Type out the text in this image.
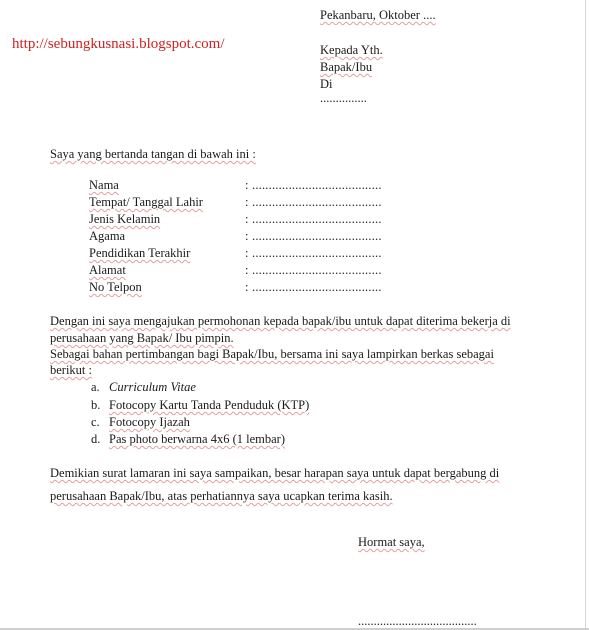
http://sebungkusnasi.blogspot.com/
Pekanbaru, Oktober ....
Kepada Yth.
Bapak/Ibu
Di
...............
Saya yang bertanda tangan di bawah ini :
Nama	: .......................................
Tempat/ Tanggal Lahir	: .......................................
Jenis Kelamin	: .......................................
Agama	: .......................................
Pendidikan Terakhir	: .......................................
Alamat	: .......................................
No Telpon	: .......................................
Dengan ini saya mengajukan permohonan kepada bapak/ibu untuk dapat diterima bekerja di
perusahaan yang Bapak/ Ibu pimpin.
Sebagai bahan pertimbangan bagi Bapak/Ibu, bersama ini saya lampirkan berkas sebagai
berikut :
a. Curriculum Vitae
b. Fotocopy Kartu Tanda Penduduk (KTP)
c. Fotocopy Ijazah
d. Pas photo berwarna 4x6 (1 lembar)
Demikian surat lamaran ini saya sampaikan, besar harapan saya untuk dapat bergabung di
perusahaan Bapak/Ibu, atas perhatiannya saya ucapkan terima kasih.
Hormat saya,
......................................
